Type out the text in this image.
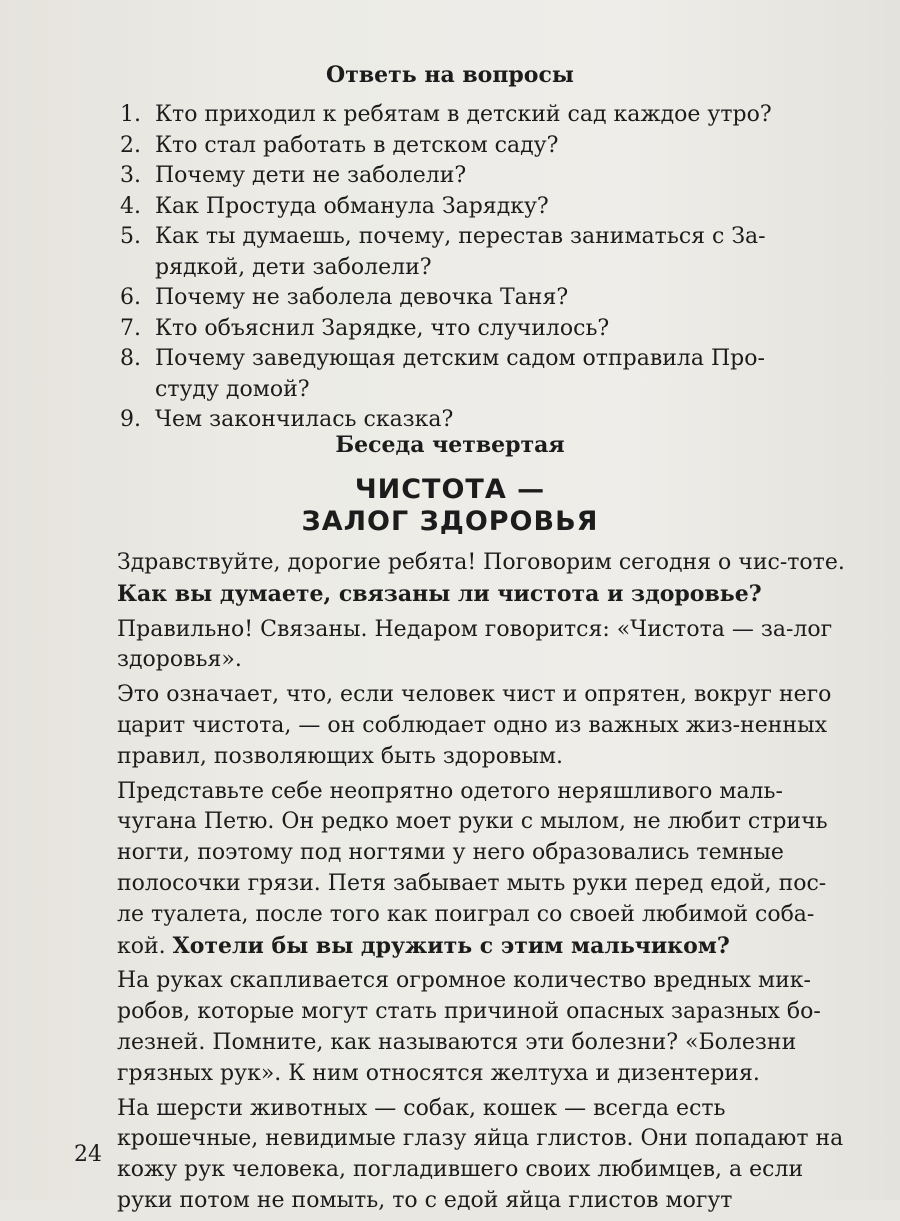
Ответь на вопросы
1. Кто приходил к ребятам в детский сад каждое утро?
2. Кто стал работать в детском саду?
3. Почему дети не заболели?
4. Как Простуда обманула Зарядку?
5. Как ты думаешь, почему, перестав заниматься с За-
рядкой, дети заболели?
6. Почему не заболела девочка Таня?
7. Кто объяснил Зарядке, что случилось?
8. Почему заведующая детским садом отправила Про-
студу домой?
9. Чем закончилась сказка?
Беседа четвертая
ЧИСТОТА —
ЗАЛОГ ЗДОРОВЬЯ

Здравствуйте, дорогие ребята! Поговорим сегодня о чис-тоте. Как вы думаете, связаны ли чистота и здоровье?

Правильно! Связаны. Недаром говорится: «Чистота — за-лог здоровья».

Это означает, что, если человек чист и опрятен, вокруг него царит чистота, — он соблюдает одно из важных жиз-ненных правил, позволяющих быть здоровым.

Представьте себе неопрятно одетого неряшливого маль-чугана Петю. Он редко моет руки с мылом, не любит стричь ногти, поэтому под ногтями у него образовались темные полосочки грязи. Петя забывает мыть руки перед едой, пос-ле туалета, после того как поиграл со своей любимой соба-кой. Хотели бы вы дружить с этим мальчиком?

На руках скапливается огромное количество вредных мик-робов, которые могут стать причиной опасных заразных бо-лезней. Помните, как называются эти болезни? «Болезни грязных рук». К ним относятся желтуха и дизентерия.

На шерсти животных — собак, кошек — всегда есть крошечные, невидимые глазу яйца глистов. Они попадают на кожу рук человека, погладившего своих любимцев, а если руки потом не помыть, то с едой яйца глистов могут

24
